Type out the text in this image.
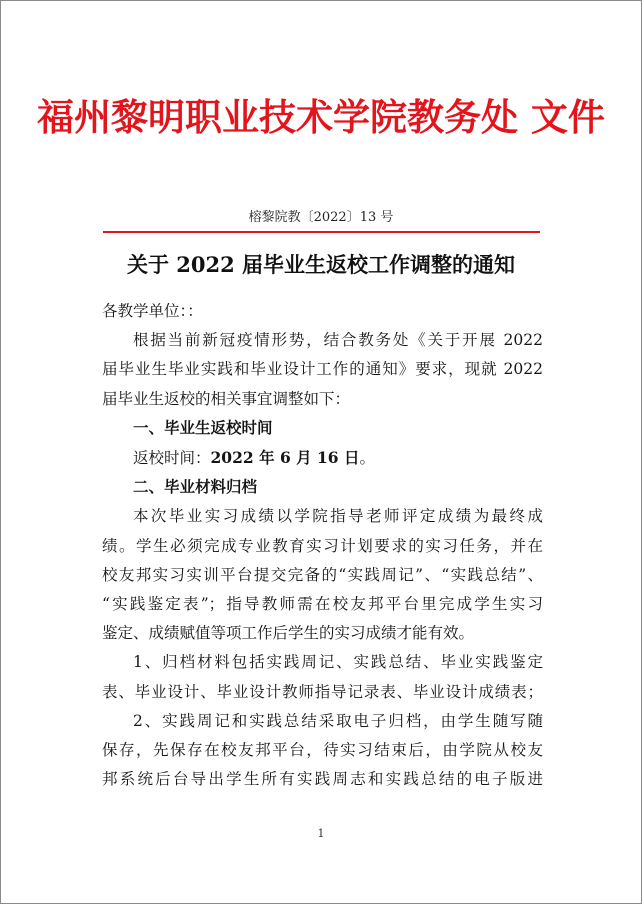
福州黎明职业技术学院教务处 文件
榕黎院教〔2022〕13 号
关于 2022 届毕业生返校工作调整的通知

各教学单位：：

根据当前新冠疫情形势，结合教务处《关于开展 2022

届毕业生毕业实践和毕业设计工作的通知》要求，现就 2022

届毕业生返校的相关事宜调整如下：

一、毕业生返校时间

返校时间：2022 年 6 月 16 日。

二、毕业材料归档

本次毕业实习成绩以学院指导老师评定成绩为最终成

绩。学生必须完成专业教育实习计划要求的实习任务，并在

校友邦实习实训平台提交完备的“实践周记”、“实践总结”、

“实践鉴定表”；指导教师需在校友邦平台里完成学生实习

鉴定、成绩赋值等项工作后学生的实习成绩才能有效。

1、归档材料包括实践周记、实践总结、毕业实践鉴定

表、毕业设计、毕业设计教师指导记录表、毕业设计成绩表；

2、实践周记和实践总结采取电子归档，由学生随写随

保存，先保存在校友邦平台，待实习结束后，由学院从校友

邦系统后台导出学生所有实践周志和实践总结的电子版进

1
